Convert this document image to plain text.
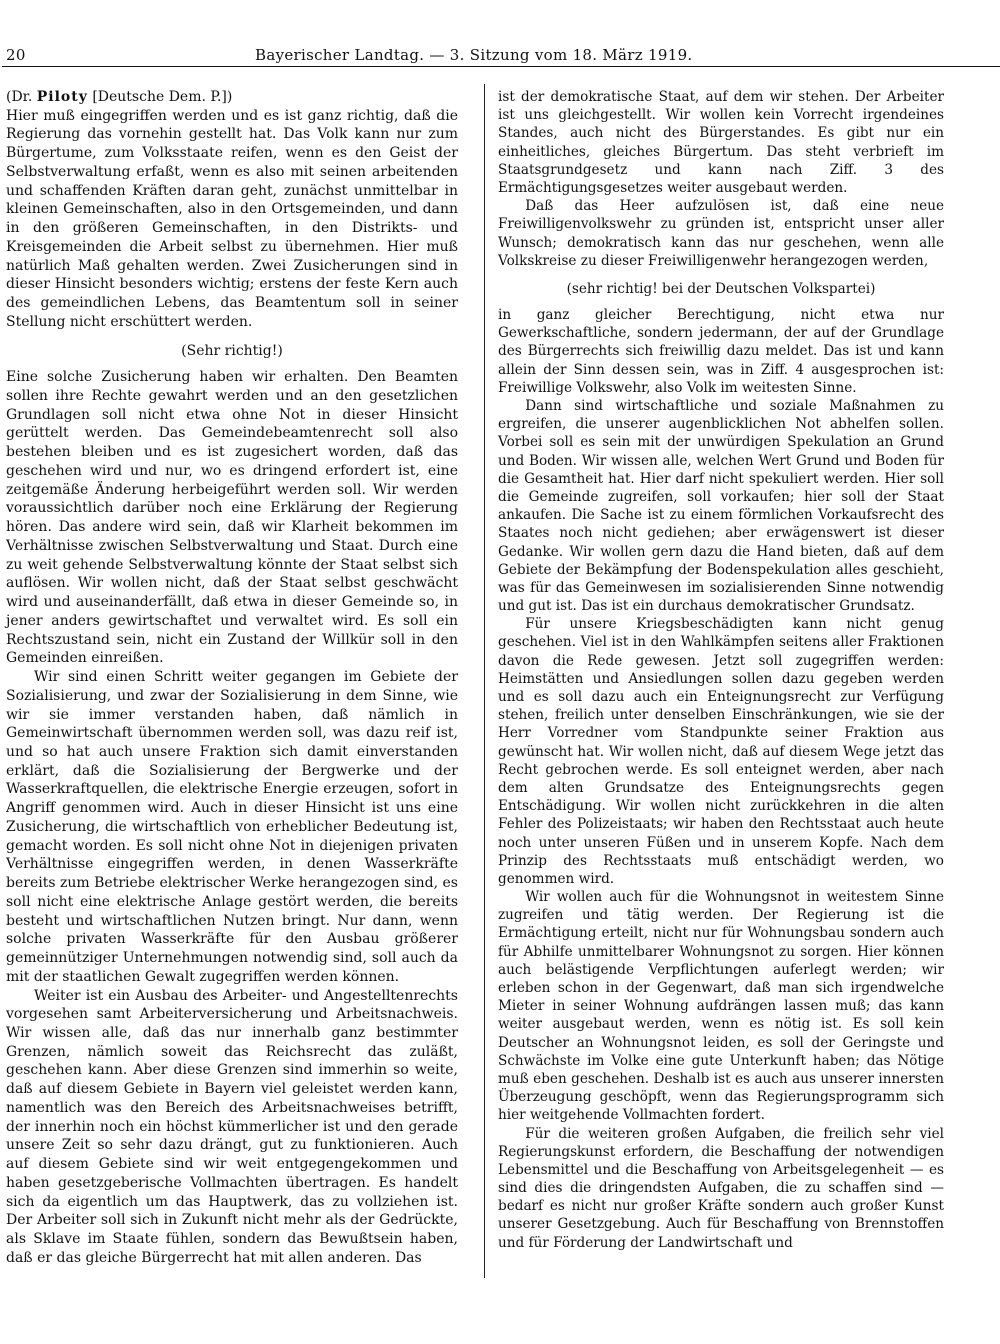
20	Bayerischer Landtag. — 3. Sitzung vom 18. März 1919.

(Dr. Piloty [Deutsche Dem. P.])

Hier muß eingegriffen werden und es ist ganz richtig, daß die Regierung das vornehin gestellt hat. Das Volk kann nur zum Bürgertume, zum Volksstaate reifen, wenn es den Geist der Selbstverwaltung erfaßt, wenn es also mit seinen arbeitenden und schaffenden Kräften daran geht, zunächst unmittelbar in kleinen Gemeinschaften, also in den Ortsgemeinden, und dann in den größeren Gemeinschaften, in den Distrikts- und Kreisgemeinden die Arbeit selbst zu übernehmen. Hier muß natürlich Maß gehalten werden. Zwei Zusicherungen sind in dieser Hinsicht besonders wichtig; erstens der feste Kern auch des gemeindlichen Lebens, das Beamtentum soll in seiner Stellung nicht erschüttert werden.

(Sehr richtig!)

Eine solche Zusicherung haben wir erhalten. Den Beamten sollen ihre Rechte gewahrt werden und an den gesetzlichen Grundlagen soll nicht etwa ohne Not in dieser Hinsicht gerüttelt werden. Das Gemeindebeamtenrecht soll also bestehen bleiben und es ist zugesichert worden, daß das geschehen wird und nur, wo es dringend erfordert ist, eine zeitgemäße Änderung herbeigeführt werden soll. Wir werden voraussichtlich darüber noch eine Erklärung der Regierung hören. Das andere wird sein, daß wir Klarheit bekommen im Verhältnisse zwischen Selbstverwaltung und Staat. Durch eine zu weit gehende Selbstverwaltung könnte der Staat selbst sich auflösen. Wir wollen nicht, daß der Staat selbst geschwächt wird und auseinanderfällt, daß etwa in dieser Gemeinde so, in jener anders gewirtschaftet und verwaltet wird. Es soll ein Rechtszustand sein, nicht ein Zustand der Willkür soll in den Gemeinden einreißen.

Wir sind einen Schritt weiter gegangen im Gebiete der Sozialisierung, und zwar der Sozialisierung in dem Sinne, wie wir sie immer verstanden haben, daß nämlich in Gemeinwirtschaft übernommen werden soll, was dazu reif ist, und so hat auch unsere Fraktion sich damit einverstanden erklärt, daß die Sozialisierung der Bergwerke und der Wasserkraftquellen, die elektrische Energie erzeugen, sofort in Angriff genommen wird. Auch in dieser Hinsicht ist uns eine Zusicherung, die wirtschaftlich von erheblicher Bedeutung ist, gemacht worden. Es soll nicht ohne Not in diejenigen privaten Verhältnisse eingegriffen werden, in denen Wasserkräfte bereits zum Betriebe elektrischer Werke herangezogen sind, es soll nicht eine elektrische Anlage gestört werden, die bereits besteht und wirtschaftlichen Nutzen bringt. Nur dann, wenn solche privaten Wasserkräfte für den Ausbau größerer gemeinnütziger Unternehmungen notwendig sind, soll auch da mit der staatlichen Gewalt zugegriffen werden können.

Weiter ist ein Ausbau des Arbeiter- und Angestelltenrechts vorgesehen samt Arbeiterversicherung und Arbeitsnachweis. Wir wissen alle, daß das nur innerhalb ganz bestimmter Grenzen, nämlich soweit das Reichsrecht das zuläßt, geschehen kann. Aber diese Grenzen sind immerhin so weite, daß auf diesem Gebiete in Bayern viel geleistet werden kann, namentlich was den Bereich des Arbeitsnachweises betrifft, der innerhin noch ein höchst kümmerlicher ist und den gerade unsere Zeit so sehr dazu drängt, gut zu funktionieren. Auch auf diesem Gebiete sind wir weit entgegengekommen und haben gesetzgeberische Vollmachten übertragen. Es handelt sich da eigentlich um das Hauptwerk, das zu vollziehen ist. Der Arbeiter soll sich in Zukunft nicht mehr als der Gedrückte, als Sklave im Staate fühlen, sondern das Bewußtsein haben, daß er das gleiche Bürgerrecht hat mit allen anderen. Das

ist der demokratische Staat, auf dem wir stehen. Der Arbeiter ist uns gleichgestellt. Wir wollen kein Vorrecht irgendeines Standes, auch nicht des Bürgerstandes. Es gibt nur ein einheitliches, gleiches Bürgertum. Das steht verbrieft im Staatsgrundgesetz und kann nach Ziff. 3 des Ermächtigungsgesetzes weiter ausgebaut werden.

Daß das Heer aufzulösen ist, daß eine neue Freiwilligenvolkswehr zu gründen ist, entspricht unser aller Wunsch; demokratisch kann das nur geschehen, wenn alle Volkskreise zu dieser Freiwilligenwehr herangezogen werden,

(sehr richtig! bei der Deutschen Volkspartei)

in ganz gleicher Berechtigung, nicht etwa nur Gewerkschaftliche, sondern jedermann, der auf der Grundlage des Bürgerrechts sich freiwillig dazu meldet. Das ist und kann allein der Sinn dessen sein, was in Ziff. 4 ausgesprochen ist: Freiwillige Volkswehr, also Volk im weitesten Sinne.

Dann sind wirtschaftliche und soziale Maßnahmen zu ergreifen, die unserer augenblicklichen Not abhelfen sollen. Vorbei soll es sein mit der unwürdigen Spekulation an Grund und Boden. Wir wissen alle, welchen Wert Grund und Boden für die Gesamtheit hat. Hier darf nicht spekuliert werden. Hier soll die Gemeinde zugreifen, soll vorkaufen; hier soll der Staat ankaufen. Die Sache ist zu einem förmlichen Vorkaufsrecht des Staates noch nicht gediehen; aber erwägenswert ist dieser Gedanke. Wir wollen gern dazu die Hand bieten, daß auf dem Gebiete der Bekämpfung der Bodenspekulation alles geschieht, was für das Gemeinwesen im sozialisierenden Sinne notwendig und gut ist. Das ist ein durchaus demokratischer Grundsatz.

Für unsere Kriegsbeschädigten kann nicht genug geschehen. Viel ist in den Wahlkämpfen seitens aller Fraktionen davon die Rede gewesen. Jetzt soll zugegriffen werden: Heimstätten und Ansiedlungen sollen dazu gegeben werden und es soll dazu auch ein Enteignungsrecht zur Verfügung stehen, freilich unter denselben Einschränkungen, wie sie der Herr Vorredner vom Standpunkte seiner Fraktion aus gewünscht hat. Wir wollen nicht, daß auf diesem Wege jetzt das Recht gebrochen werde. Es soll enteignet werden, aber nach dem alten Grundsatze des Enteignungsrechts gegen Entschädigung. Wir wollen nicht zurückkehren in die alten Fehler des Polizeistaats; wir haben den Rechtsstaat auch heute noch unter unseren Füßen und in unserem Kopfe. Nach dem Prinzip des Rechtsstaats muß entschädigt werden, wo genommen wird.

Wir wollen auch für die Wohnungsnot in weitestem Sinne zugreifen und tätig werden. Der Regierung ist die Ermächtigung erteilt, nicht nur für Wohnungsbau sondern auch für Abhilfe unmittelbarer Wohnungsnot zu sorgen. Hier können auch belästigende Verpflichtungen auferlegt werden; wir erleben schon in der Gegenwart, daß man sich irgendwelche Mieter in seiner Wohnung aufdrängen lassen muß; das kann weiter ausgebaut werden, wenn es nötig ist. Es soll kein Deutscher an Wohnungsnot leiden, es soll der Geringste und Schwächste im Volke eine gute Unterkunft haben; das Nötige muß eben geschehen. Deshalb ist es auch aus unserer innersten Überzeugung geschöpft, wenn das Regierungsprogramm sich hier weitgehende Vollmachten fordert.

Für die weiteren großen Aufgaben, die freilich sehr viel Regierungskunst erfordern, die Beschaffung der notwendigen Lebensmittel und die Beschaffung von Arbeitsgelegenheit — es sind dies die dringendsten Aufgaben, die zu schaffen sind — bedarf es nicht nur großer Kräfte sondern auch großer Kunst unserer Gesetzgebung. Auch für Beschaffung von Brennstoffen und für Förderung der Landwirtschaft und
